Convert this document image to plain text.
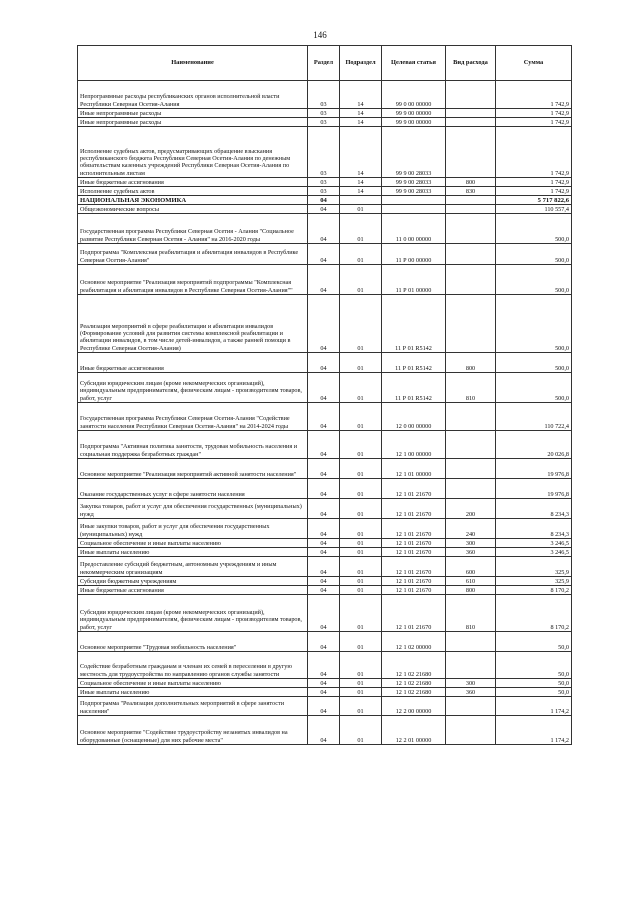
146
Наименование	Раздел	Подраздел	Целевая статья	Вид расхода	Сумма
Непрограммные расходы республиканских органов исполнительной власти Республики Северная Осетия-Алания	03	14	99 0 00 00000		1 742,9
Иные непрограммные расходы	03	14	99 9 00 00000		1 742,9
Иные непрограммные расходы	03	14	99 9 00 00000		1 742,9
Исполнение судебных актов, предусматривающих обращение взыскания республиканского бюджета Республики Северная Осетия-Алания по денежным обязательствам казенных учреждений Республики Северная Осетия-Алания по исполнительным листам	03	14	99 9 00 28033		1 742,9
Иные бюджетные ассигнования	03	14	99 9 00 28033	800	1 742,9
Исполнение судебных актов	03	14	99 9 00 28033	830	1 742,9
НАЦИОНАЛЬНАЯ ЭКОНОМИКА	04				5 717 822,6
Общеэкономические вопросы	04	01			110 557,4
Государственная программа Республики Северная Осетия - Алания "Социальное развитие Республики Северная Осетия - Алания" на 2016-2020 годы	04	01	11 0 00 00000		500,0
Подпрограмма "Комплексная реабилитация и абилитация инвалидов в Республике Северная Осетия-Алания"	04	01	11 Р 00 00000		500,0
Основное мероприятие "Реализация мероприятий подпрограммы "Комплексная реабилитация и абилитация инвалидов в Республике Северная Осетия-Алания""	04	01	11 Р 01 00000		500,0
Реализация мероприятий в сфере реабилитации и абилитации инвалидов (Формирование условий для развития системы комплексной реабилитации и абилитации инвалидов, в том числе детей-инвалидов, а также ранней помощи в Республике Северная Осетия-Алания)	04	01	11 Р 01 R5142		500,0
Иные бюджетные ассигнования	04	01	11 Р 01 R5142	800	500,0
Субсидии юридическим лицам (кроме некоммерческих организаций), индивидуальным предпринимателям, физическим лицам - производителям товаров, работ, услуг	04	01	11 Р 01 R5142	810	500,0
Государственная программа Республики Северная Осетия-Алания "Содействие занятости населения Республики Северная Осетия-Алания" на 2014-2024 годы	04	01	12 0 00 00000		110 722,4
Подпрограмма "Активная политика занятости, трудовая мобильность населения и социальная поддержка безработных граждан"	04	01	12 1 00 00000		20 026,8
Основное мероприятие "Реализация мероприятий активной занятости населения"	04	01	12 1 01 00000		19 976,8
Оказание государственных услуг в сфере занятости населения	04	01	12 1 01 21670		19 976,8
Закупка товаров, работ и услуг для обеспечения государственных (муниципальных) нужд	04	01	12 1 01 21670	200	8 234,3
Иные закупки товаров, работ и услуг для обеспечения государственных (муниципальных) нужд	04	01	12 1 01 21670	240	8 234,3
Социальное обеспечение и иные выплаты населению	04	01	12 1 01 21670	300	3 246,5
Иные выплаты населению	04	01	12 1 01 21670	360	3 246,5
Предоставление субсидий бюджетным, автономным учреждениям и иным некоммерческим организациям	04	01	12 1 01 21670	600	325,9
Субсидии бюджетным учреждениям	04	01	12 1 01 21670	610	325,9
Иные бюджетные ассигнования	04	01	12 1 01 21670	800	8 170,2
Субсидии юридическим лицам (кроме некоммерческих организаций), индивидуальным предпринимателям, физическим лицам - производителям товаров, работ, услуг	04	01	12 1 01 21670	810	8 170,2
Основное мероприятие "Трудовая мобильность населения"	04	01	12 1 02 00000		50,0
Содействие безработным гражданам и членам их семей в переселении в другую местность для трудоустройства по направлению органов службы занятости	04	01	12 1 02 21680		50,0
Социальное обеспечение и иные выплаты населению	04	01	12 1 02 21680	300	50,0
Иные выплаты населению	04	01	12 1 02 21680	360	50,0
Подпрограмма "Реализация дополнительных мероприятий в сфере занятости населения"	04	01	12 2 00 00000		1 174,2
Основное мероприятие "Содействие трудоустройству незанятых инвалидов на оборудованные (оснащенные) для них рабочие места"	04	01	12 2 01 00000		1 174,2
